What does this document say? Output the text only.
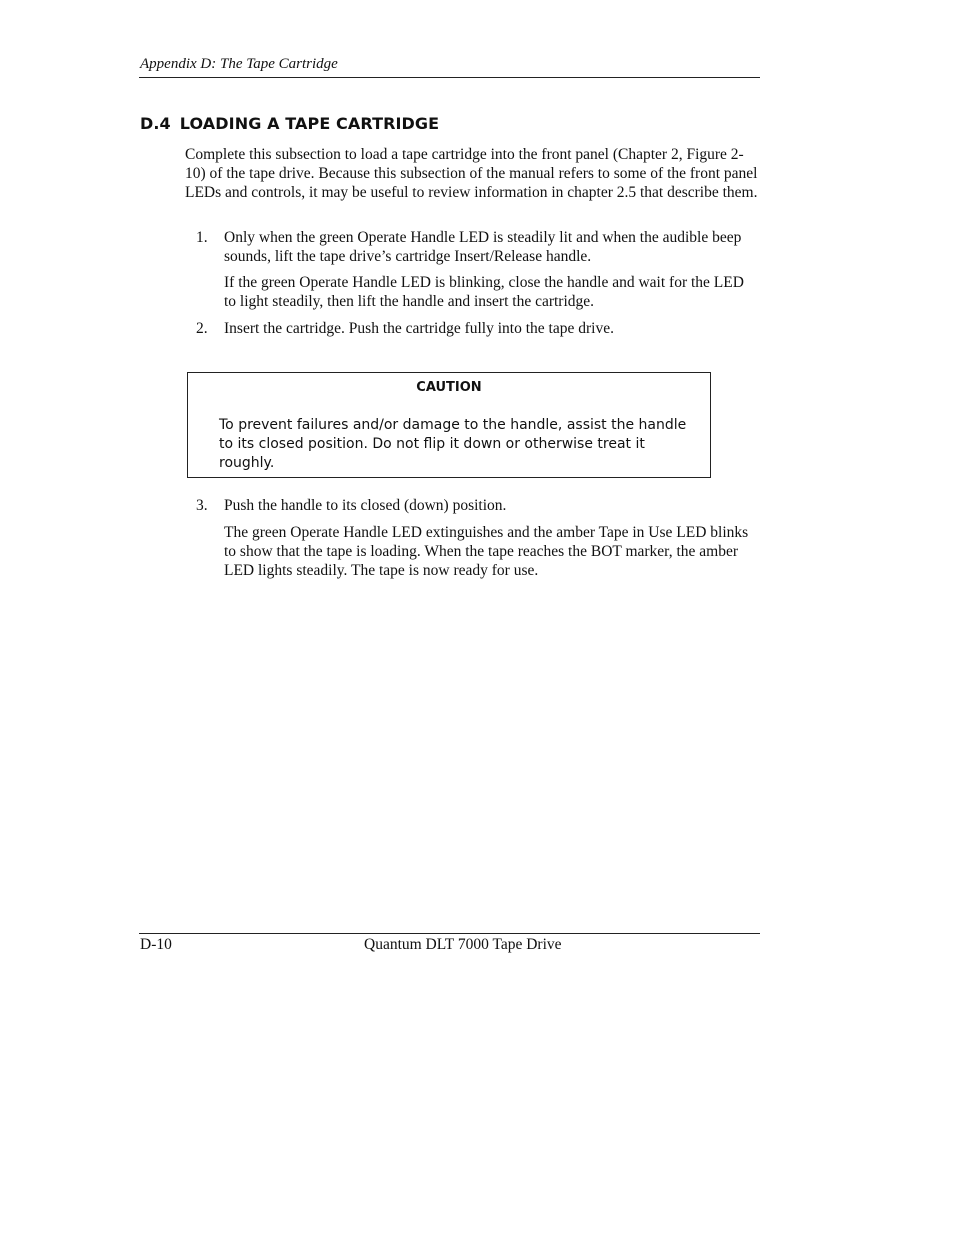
Appendix D: The Tape Cartridge
D.4 LOADING A TAPE CARTRIDGE

Complete this subsection to load a tape cartridge into the front panel (Chapter 2, Figure 2-10) of the tape drive. Because this subsection of the manual refers to some of the front panel LEDs and controls, it may be useful to review information in chapter 2.5 that describe them.

1. Only when the green Operate Handle LED is steadily lit and when the audible beep sounds, lift the tape drive’s cartridge Insert/Release handle.

If the green Operate Handle LED is blinking, close the handle and wait for the LED to light steadily, then lift the handle and insert the cartridge.

2. Insert the cartridge. Push the cartridge fully into the tape drive.
CAUTION

To prevent failures and/or damage to the handle, assist the handle to its closed position. Do not flip it down or otherwise treat it roughly.

3. Push the handle to its closed (down) position.

The green Operate Handle LED extinguishes and the amber Tape in Use LED blinks to show that the tape is loading. When the tape reaches the BOT marker, the amber LED lights steadily. The tape is now ready for use.

D-10	Quantum DLT 7000 Tape Drive
